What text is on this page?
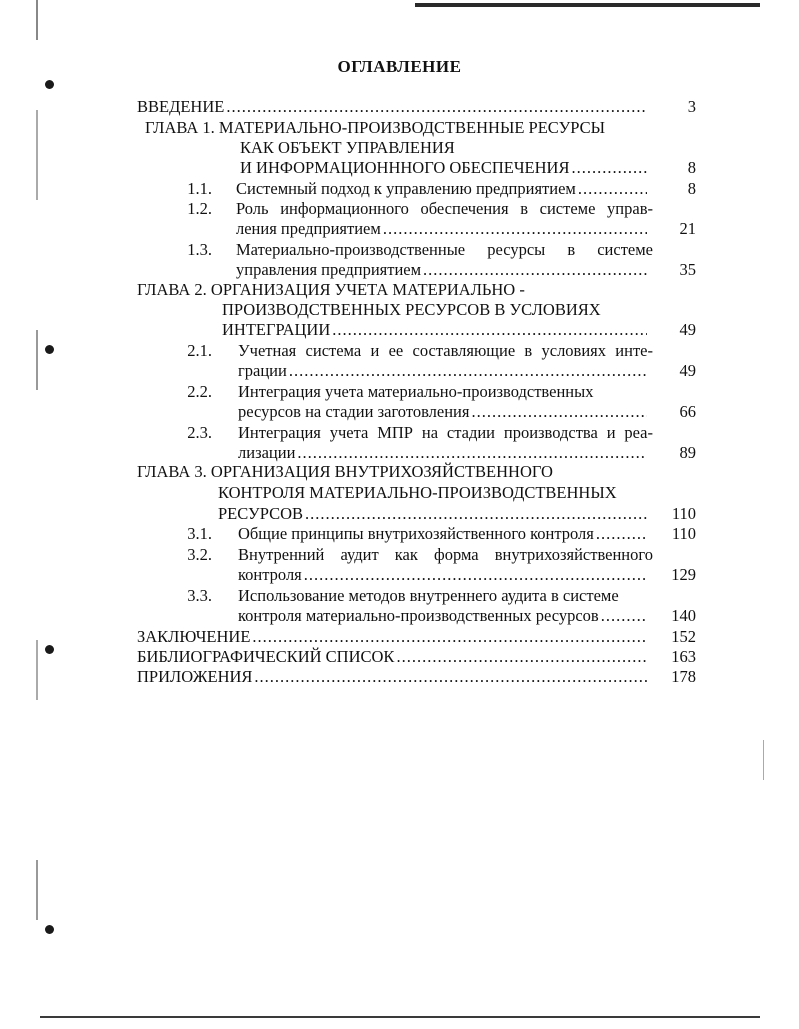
ОГЛАВЛЕНИЕ
ВВЕДЕНИЕ .....	3
ГЛАВА 1. МАТЕРИАЛЬНО-ПРОИЗВОДСТВЕННЫЕ РЕСУРСЫ
КАК ОБЪЕКТ УПРАВЛЕНИЯ
И ИНФОРМАЦИОНННОГО ОБЕСПЕЧЕНИЯ .....	8
1.1. Системный подход к управлению предприятием .....	8
1.2. Роль информационного обеспечения в системе управ-
ления предприятием .....	21
1.3. Материально-производственные ресурсы в системе
управления предприятием .....	35
ГЛАВА 2. ОРГАНИЗАЦИЯ УЧЕТА МАТЕРИАЛЬНО -
ПРОИЗВОДСТВЕННЫХ РЕСУРСОВ В УСЛОВИЯХ
ИНТЕГРАЦИИ .....	49
2.1. Учетная система и ее составляющие в условиях инте-
грации .....	49
2.2. Интеграция учета материально-производственных
ресурсов на стадии заготовления .....	66
2.3. Интеграция учета МПР на стадии производства и реа-
лизации .....	89
ГЛАВА 3. ОРГАНИЗАЦИЯ ВНУТРИХОЗЯЙСТВЕННОГО
КОНТРОЛЯ МАТЕРИАЛЬНО-ПРОИЗВОДСТВЕННЫХ
РЕСУРСОВ .....	110
3.1. Общие принципы внутрихозяйственного контроля .....	110
3.2. Внутренний аудит как форма внутрихозяйственного
контроля .....	129
3.3. Использование методов внутреннего аудита в системе
контроля материально-производственных ресурсов .....	140
ЗАКЛЮЧЕНИЕ .....	152
БИБЛИОГРАФИЧЕСКИЙ СПИСОК .....	163
ПРИЛОЖЕНИЯ .....	178
